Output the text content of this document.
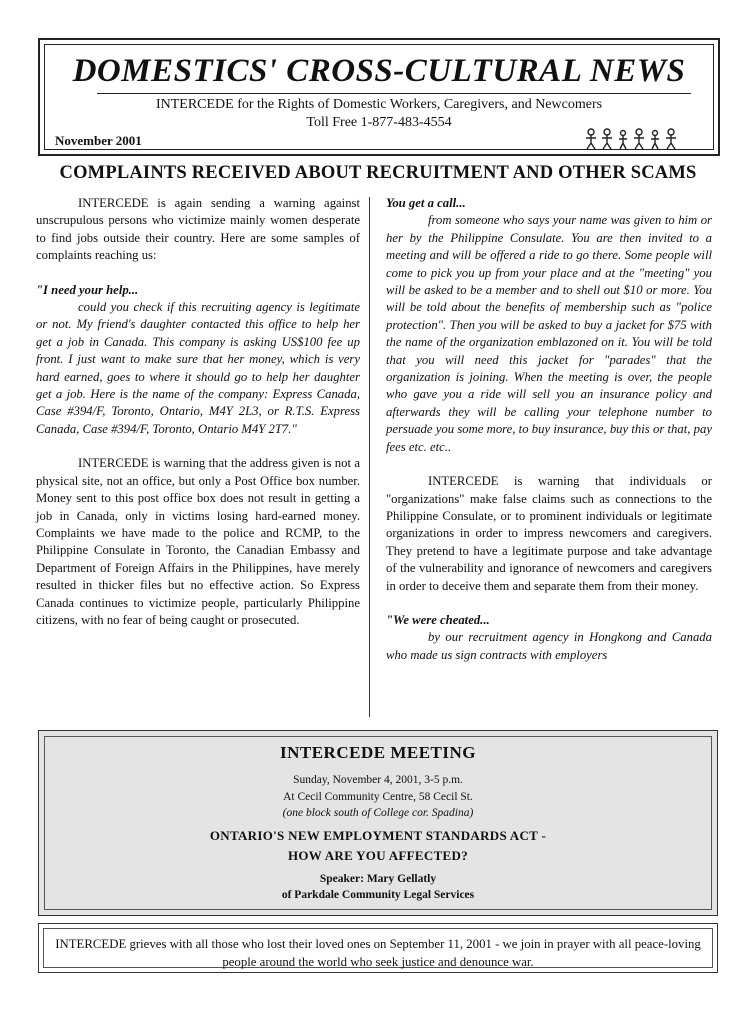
DOMESTICS' CROSS-CULTURAL NEWS
INTERCEDE for the Rights of Domestic Workers, Caregivers, and Newcomers
Toll Free 1-877-483-4554
November 2001
COMPLAINTS RECEIVED ABOUT RECRUITMENT AND OTHER SCAMS

INTERCEDE is again sending a warning against unscrupulous persons who victimize mainly women desperate to find jobs outside their country. Here are some samples of complaints reaching us:

"I need your help...

could you check if this recruiting agency is legitimate or not. My friend's daughter contacted this office to help her get a job in Canada. This company is asking US$100 fee up front. I just want to make sure that her money, which is very hard earned, goes to where it should go to help her daughter get a job. Here is the name of the company: Express Canada, Case #394/F, Toronto, Ontario, M4Y 2L3, or R.T.S. Express Canada, Case #394/F, Toronto, Ontario M4Y 2T7."

INTERCEDE is warning that the address given is not a physical site, not an office, but only a Post Office box number. Money sent to this post office box does not result in getting a job in Canada, only in victims losing hard-earned money. Complaints we have made to the police and RCMP, to the Philippine Consulate in Toronto, the Canadian Embassy and Department of Foreign Affairs in the Philippines, have merely resulted in thicker files but no effective action. So Express Canada continues to victimize people, particularly Philippine citizens, with no fear of being caught or prosecuted.

You get a call...

from someone who says your name was given to him or her by the Philippine Consulate. You are then invited to a meeting and will be offered a ride to go there. Some people will come to pick you up from your place and at the "meeting" you will be asked to be a member and to shell out $10 or more. You will be told about the benefits of membership such as "police protection". Then you will be asked to buy a jacket for $75 with the name of the organization emblazoned on it. You will be told that you will need this jacket for "parades" that the organization is joining. When the meeting is over, the people who gave you a ride will sell you an insurance policy and afterwards they will be calling your telephone number to persuade you some more, to buy insurance, buy this or that, pay fees etc. etc..

INTERCEDE is warning that individuals or "organizations" make false claims such as connections to the Philippine Consulate, or to prominent individuals or legitimate organizations in order to impress newcomers and caregivers. They pretend to have a legitimate purpose and take advantage of the vulnerability and ignorance of newcomers and caregivers in order to deceive them and separate them from their money.

"We were cheated...

by our recruitment agency in Hongkong and Canada who made us sign contracts with employers

INTERCEDE MEETING
Sunday, November 4, 2001, 3-5 p.m.
At Cecil Community Centre, 58 Cecil St.
(one block south of College cor. Spadina)
ONTARIO'S NEW EMPLOYMENT STANDARDS ACT -
HOW ARE YOU AFFECTED?
Speaker: Mary Gellatly
of Parkdale Community Legal Services
INTERCEDE grieves with all those who lost their loved ones on September 11, 2001 - we join in prayer with all peace-loving people around the world who seek justice and denounce war.
